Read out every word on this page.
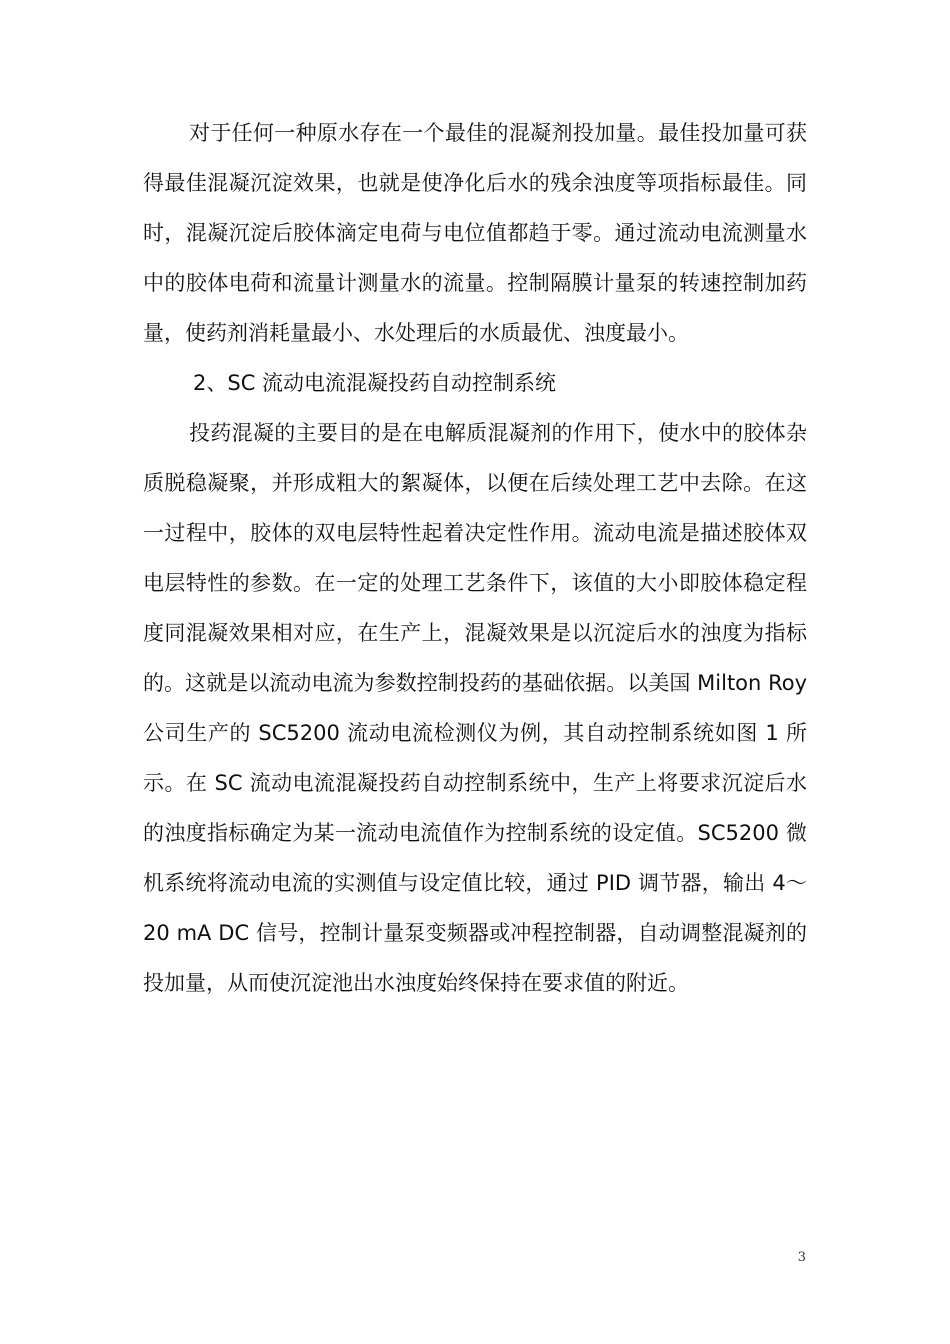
对于任何一种原水存在一个最佳的混凝剂投加量。最佳投加量可获得最佳混凝沉淀效果，也就是使净化后水的残余浊度等项指标最佳。同时，混凝沉淀后胶体滴定电荷与电位值都趋于零。通过流动电流测量水中的胶体电荷和流量计测量水的流量。控制隔膜计量泵的转速控制加药量，使药剂消耗量最小、水处理后的水质最优、浊度最小。

2、SC 流动电流混凝投药自动控制系统

投药混凝的主要目的是在电解质混凝剂的作用下，使水中的胶体杂质脱稳凝聚，并形成粗大的絮凝体，以便在后续处理工艺中去除。在这一过程中，胶体的双电层特性起着决定性作用。流动电流是描述胶体双电层特性的参数。在一定的处理工艺条件下，该值的大小即胶体稳定程度同混凝效果相对应，在生产上，混凝效果是以沉淀后水的浊度为指标的。这就是以流动电流为参数控制投药的基础依据。以美国 Milton Roy 公司生产的 SC5200 流动电流检测仪为例，其自动控制系统如图 1 所示。在 SC 流动电流混凝投药自动控制系统中，生产上将要求沉淀后水的浊度指标确定为某一流动电流值作为控制系统的设定值。SC5200 微机系统将流动电流的实测值与设定值比较，通过 PID 调节器，输出 4～20 mA DC 信号，控制计量泵变频器或冲程控制器，自动调整混凝剂的投加量，从而使沉淀池出水浊度始终保持在要求值的附近。

3
